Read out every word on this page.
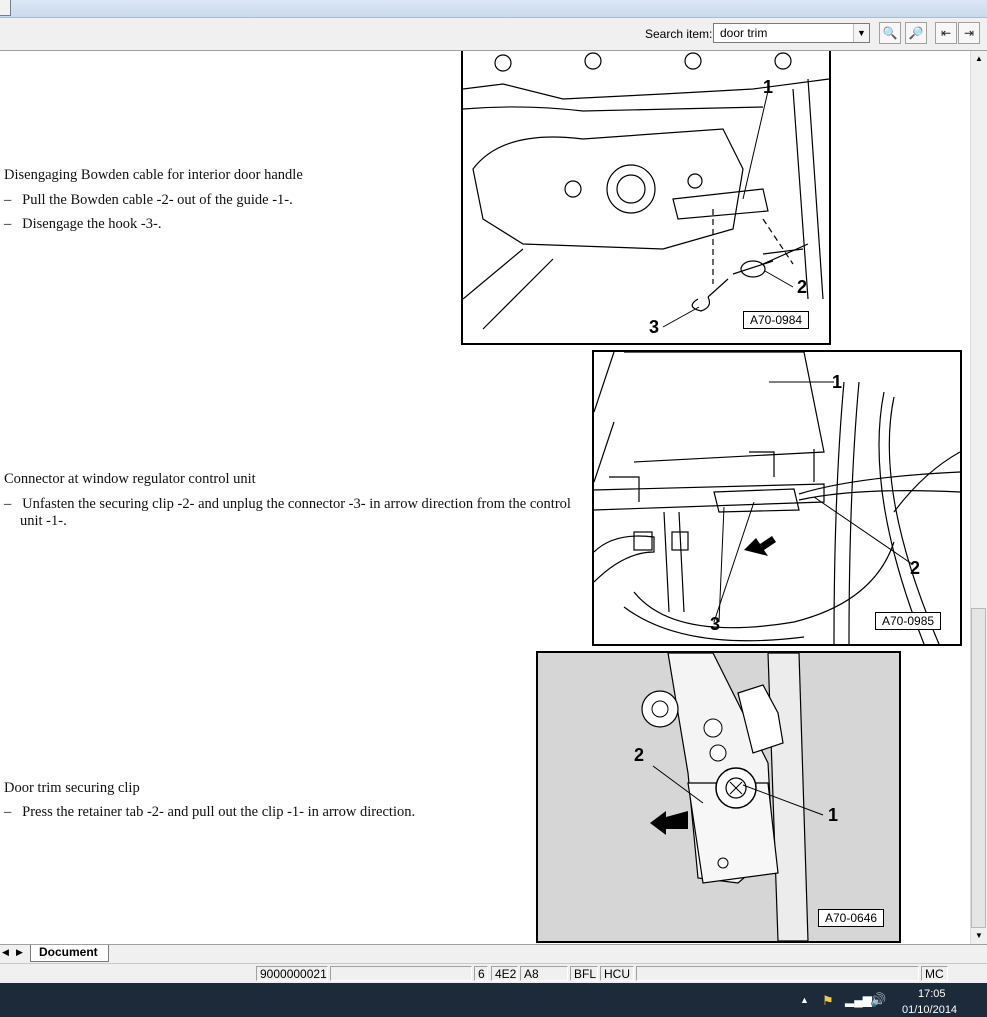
Search item: door trim	▼ 🔍 🔎	⇤	⇥
Disengaging Bowden cable for interior door handle
– Pull the Bowden cable -2- out of the guide -1-.
– Disengage the hook -3-.
1
2
3	A70-0984
Connector at window regulator control unit
– Unfasten the securing clip -2- and unplug the connector -3- in arrow direction from the control unit -1-.
1
2
3	A70-0985
Door trim securing clip
– Press the retainer tab -2- and pull out the clip -1- in arrow direction.
2
1
A70-0646
▲
▼
◀ ▶	Document
9000000021	6 4E2 A8	BFL HCU	MC
▲ ⚑ ▂▄▆
🔊	17:05
01/10/2014
